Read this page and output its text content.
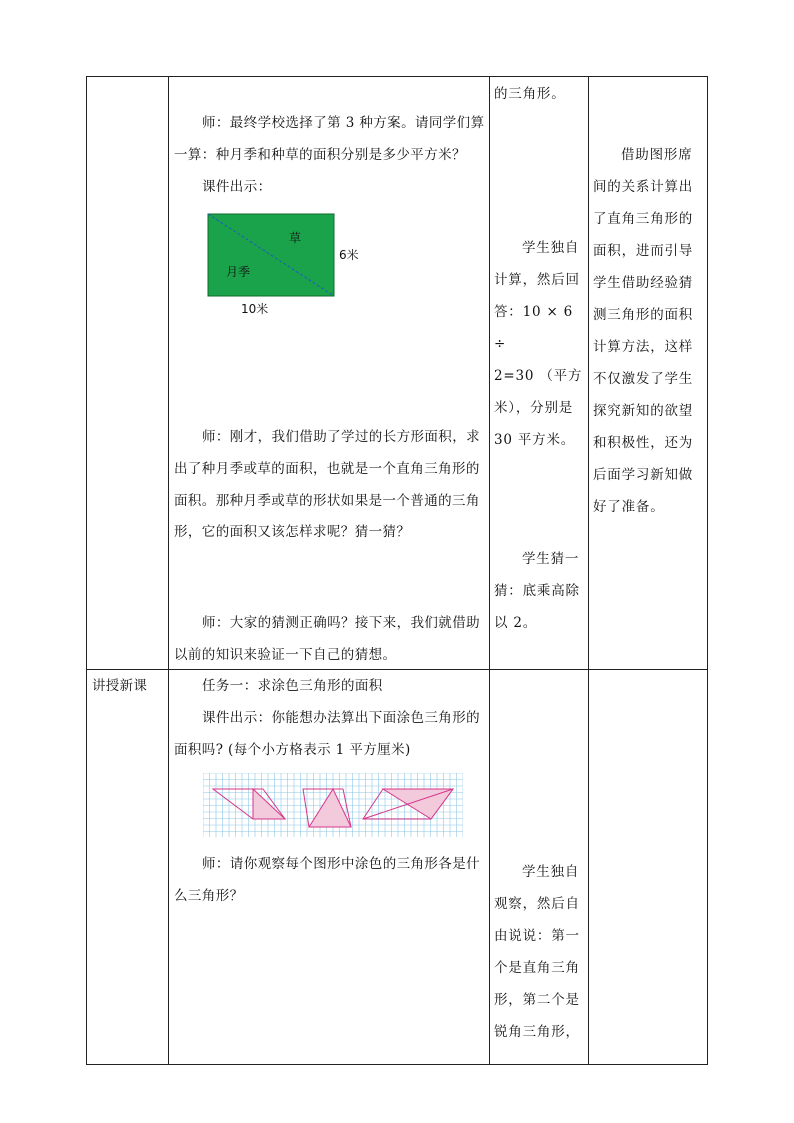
讲授新课
师：最终学校选择了第 3 种方案。请同学们算
一算：种月季和种草的面积分别是多少平方米？
课件出示：
草
月季
6米
10米
师：刚才，我们借助了学过的长方形面积，求
出了种月季或草的面积，也就是一个直角三角形的
面积。那种月季或草的形状如果是一个普通的三角
形，它的面积又该怎样求呢？猜一猜？
师：大家的猜测正确吗？接下来，我们就借助
以前的知识来验证一下自己的猜想。
任务一：求涂色三角形的面积
课件出示：你能想办法算出下面涂色三角形的
面积吗? (每个小方格表示 1 平方厘米)
师：请你观察每个图形中涂色的三角形各是什
么三角形？
的三角形。
学生独自
计算，然后回
答：10 × 6 ÷
2=30 （平方
米），分别是
30 平方米。
学生猜一
猜：底乘高除
以 2。
学生独自
观察，然后自
由说说：第一
个是直角三角
形，第二个是
锐角三角形，
借助图形席
间的关系计算出
了直角三角形的
面积，进而引导
学生借助经验猜
测三角形的面积
计算方法，这样
不仅激发了学生
探究新知的欲望
和积极性，还为
后面学习新知做
好了准备。
